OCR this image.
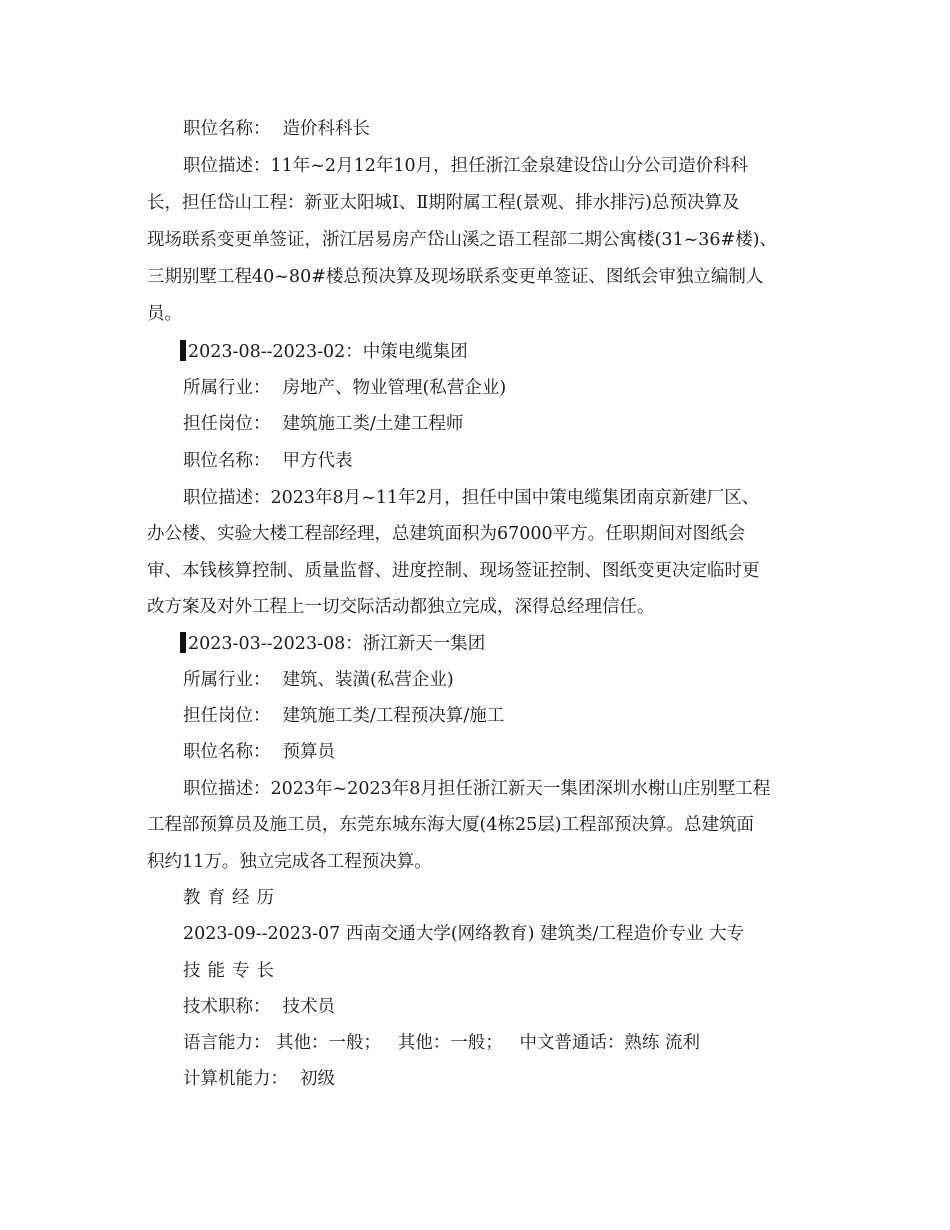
职位名称： 造价科科长
职位描述：11年~2月12年10月，担任浙江金泉建设岱山分公司造价科科
长，担任岱山工程：新亚太阳城Ⅰ、Ⅱ期附属工程(景观、排水排污)总预决算及
现场联系变更单签证，浙江居易房产岱山溪之语工程部二期公寓楼(31~36#楼)、
三期别墅工程40~80#楼总预决算及现场联系变更单签证、图纸会审独立编制人
员。
2023-08--2023-02：中策电缆集团
所属行业： 房地产、物业管理(私营企业)
担任岗位： 建筑施工类/土建工程师
职位名称： 甲方代表
职位描述：2023年8月~11年2月，担任中国中策电缆集团南京新建厂区、
办公楼、实验大楼工程部经理，总建筑面积为67000平方。任职期间对图纸会
审、本钱核算控制、质量监督、进度控制、现场签证控制、图纸变更决定临时更
改方案及对外工程上一切交际活动都独立完成，深得总经理信任。
2023-03--2023-08：浙江新天一集团
所属行业： 建筑、装潢(私营企业)
担任岗位： 建筑施工类/工程预决算/施工
职位名称： 预算员
职位描述：2023年~2023年8月担任浙江新天一集团深圳水榭山庄别墅工程
工程部预算员及施工员，东莞东城东海大厦(4栋25层)工程部预决算。总建筑面
积约11万。独立完成各工程预决算。
教育经历
2023-09--2023-07 西南交通大学(网络教育) 建筑类/工程造价专业 大专
技能专长
技术职称： 技术员
语言能力： 其他：一般；   其他：一般；   中文普通话：熟练 流利
计算机能力： 初级
